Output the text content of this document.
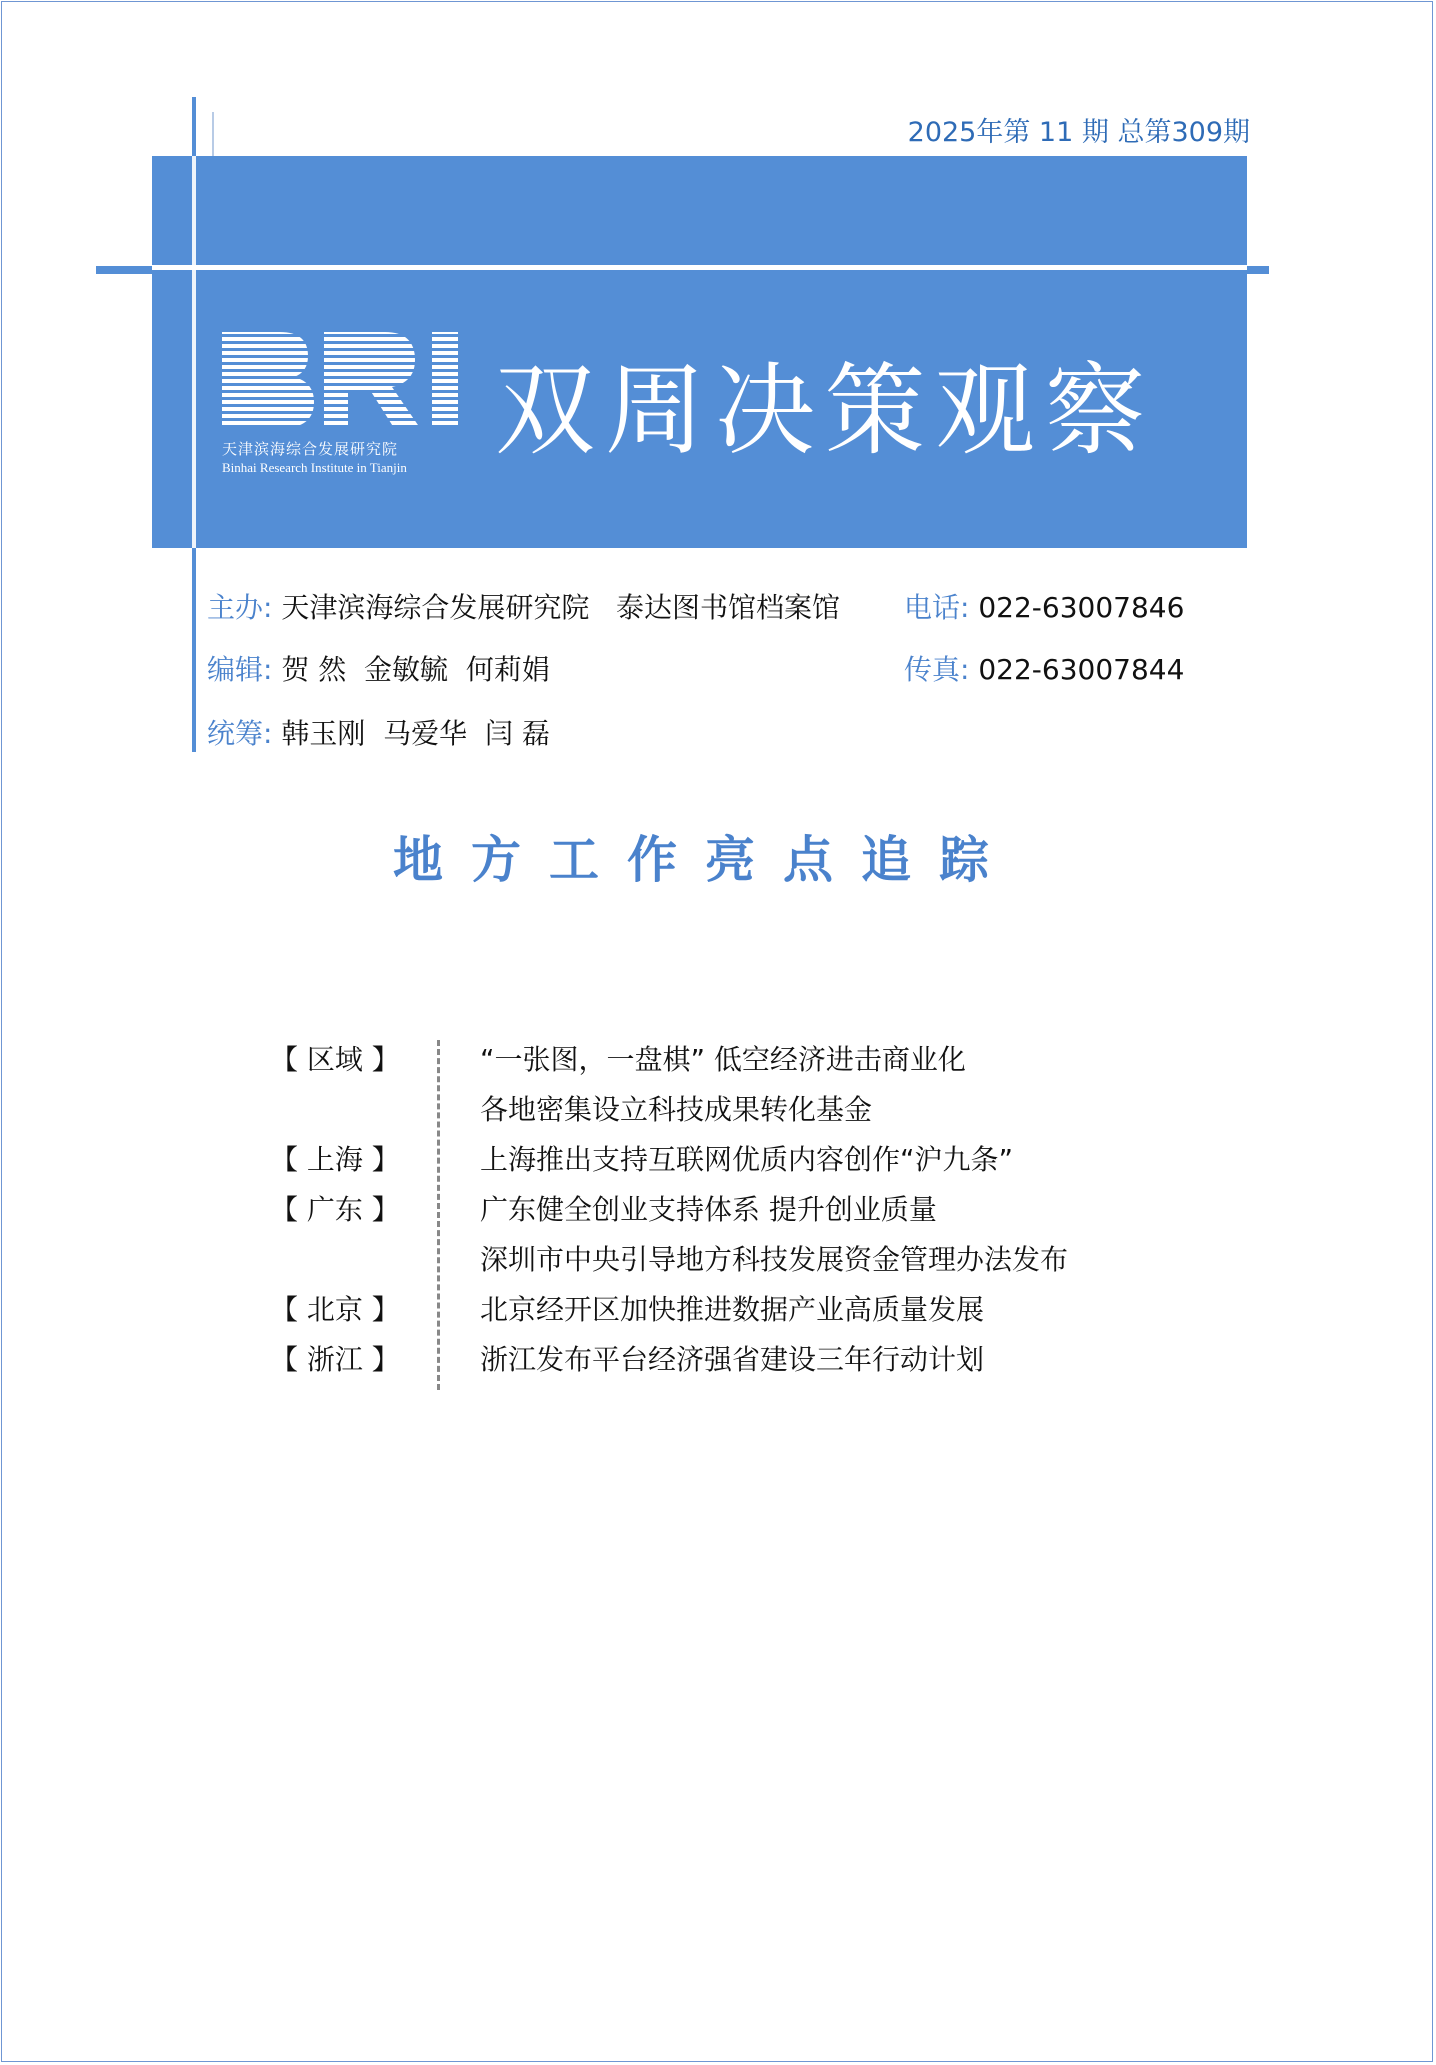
2025年第 11 期 总第309期
天津滨海综合发展研究院
Binhai Research Institute in Tianjin 双周决策观察
主办: 天津滨海综合发展研究院   泰达图书馆档案馆 电话: 022-63007846
编辑: 贺 然  金敏毓  何莉娟	传真: 022-63007844
统筹: 韩玉刚  马爱华  闫 磊
地方工作亮点追踪
【 区域 】	“一张图，一盘棋” 低空经济进击商业化
各地密集设立科技成果转化基金
【 上海 】	上海推出支持互联网优质内容创作“沪九条”
【 广东 】	广东健全创业支持体系 提升创业质量
深圳市中央引导地方科技发展资金管理办法发布
【 北京 】	北京经开区加快推进数据产业高质量发展
【 浙江 】	浙江发布平台经济强省建设三年行动计划
